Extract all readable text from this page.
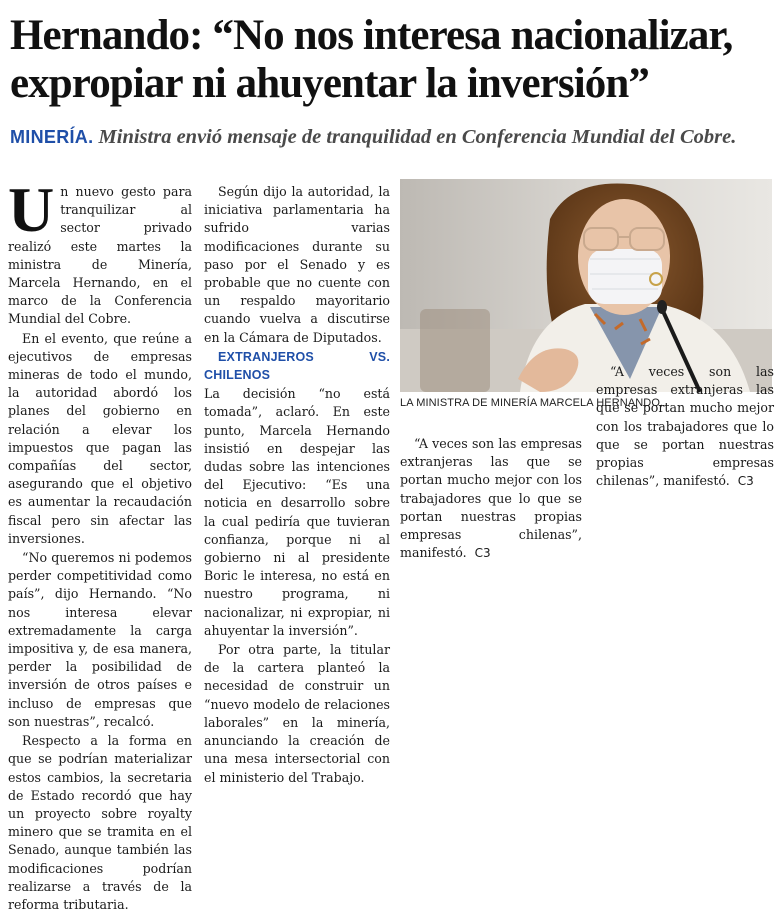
Hernando: “No nos interesa nacionalizar, expropiar ni ahuyentar la inversión”
MINERÍA. Ministra envió mensaje de tranquilidad en Conferencia Mundial del Cobre.

Un nuevo gesto para tranquilizar al sector privado realizó este martes la ministra de Minería, Marcela Hernando, en el marco de la Conferencia Mundial del Cobre.

En el evento, que reúne a ejecutivos de empresas mineras de todo el mundo, la autoridad abordó los planes del gobierno en relación a elevar los impuestos que pagan las compañías del sector, asegurando que el objetivo es aumentar la recaudación fiscal pero sin afectar las inversiones.

“No queremos ni podemos perder competitividad como país”, dijo Hernando. “No nos interesa elevar extremadamente la carga impositiva y, de esa manera, perder la posibilidad de inversión de otros países e incluso de empresas que son nuestras”, recalcó.

Respecto a la forma en que se podrían materializar estos cambios, la secretaria de Estado recordó que hay un proyecto sobre royalty minero que se tramita en el Senado, aunque también las modificaciones podrían realizarse a través de la reforma tributaria.

Según dijo la autoridad, la iniciativa parlamentaria ha sufrido varias modificaciones durante su paso por el Senado y es probable que no cuente con un respaldo mayoritario cuando vuelva a discutirse en la Cámara de Diputados.

EXTRANJEROS VS. CHILENOS

La decisión “no está tomada”, aclaró. En este punto, Marcela Hernando insistió en despejar las dudas sobre las intenciones del Ejecutivo: “Es una noticia en desarrollo sobre la cual pediría que tuvieran confianza, porque ni al gobierno ni al presidente Boric le interesa, no está en nuestro programa, ni nacionalizar, ni expropiar, ni ahuyentar la inversión”.

Por otra parte, la titular de la cartera planteó la necesidad de construir un “nuevo modelo de relaciones laborales” en la minería, anunciando la creación de una mesa intersectorial con el ministerio del Trabajo.

LA MINISTRA DE MINERÍA MARCELA HERNANDO.

“A veces son las empresas extranjeras las que se portan mucho mejor con los trabajadores que lo que se portan nuestras propias empresas chilenas”, manifestó. C3

“A veces son las empresas extranjeras las que se portan mucho mejor con los trabajadores que lo que se portan nuestras propias empresas chilenas”, manifestó. C3
